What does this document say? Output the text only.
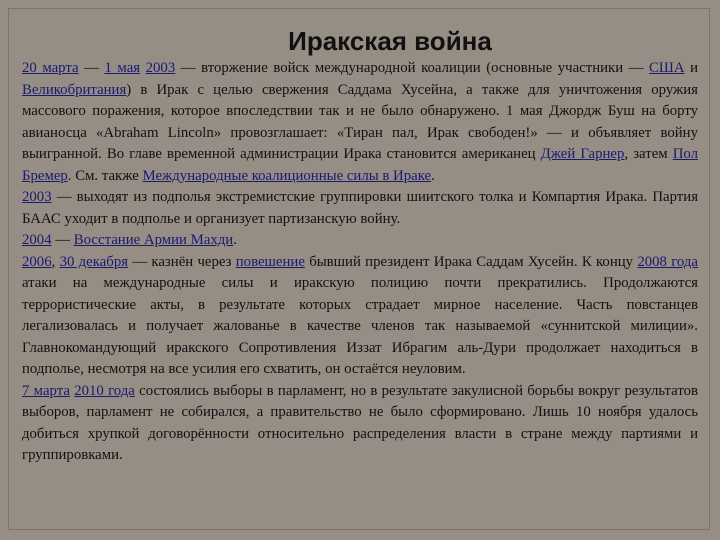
Иракская война

20 марта — 1 мая 2003 — вторжение войск международной коалиции (основные участники — США и Великобритания) в Ирак с целью свержения Саддама Хусейна, а также для уничтожения оружия массового поражения, которое впоследствии так и не было обнаружено. 1 мая Джордж Буш на борту авианосца «Abraham Lincoln» провозглашает: «Тиран пал, Ирак свободен!» — и объявляет войну выигранной. Во главе временной администрации Ирака становится американец Джей Гарнер, затем Пол Бремер. См. также Международные коалиционные силы в Ираке.

2003 — выходят из подполья экстремистские группировки шиитского толка и Компартия Ирака. Партия БААС уходит в подполье и организует партизанскую войну.

2004 — Восстание Армии Махди.

2006, 30 декабря — казнён через повешение бывший президент Ирака Саддам Хусейн. К концу 2008 года атаки на международные силы и иракскую полицию почти прекратились. Продолжаются террористические акты, в результате которых страдает мирное население. Часть повстанцев легализовалась и получает жалованье в качестве членов так называемой «суннитской милиции». Главнокомандующий иракского Сопротивления Иззат Ибрагим аль-Дури продолжает находиться в подполье, несмотря на все усилия его схватить, он остаётся неуловим.

7 марта 2010 года состоялись выборы в парламент, но в результате закулисной борьбы вокруг результатов выборов, парламент не собирался, а правительство не было сформировано. Лишь 10 ноября удалось добиться хрупкой договорённости относительно распределения власти в стране между партиями и группировками.
